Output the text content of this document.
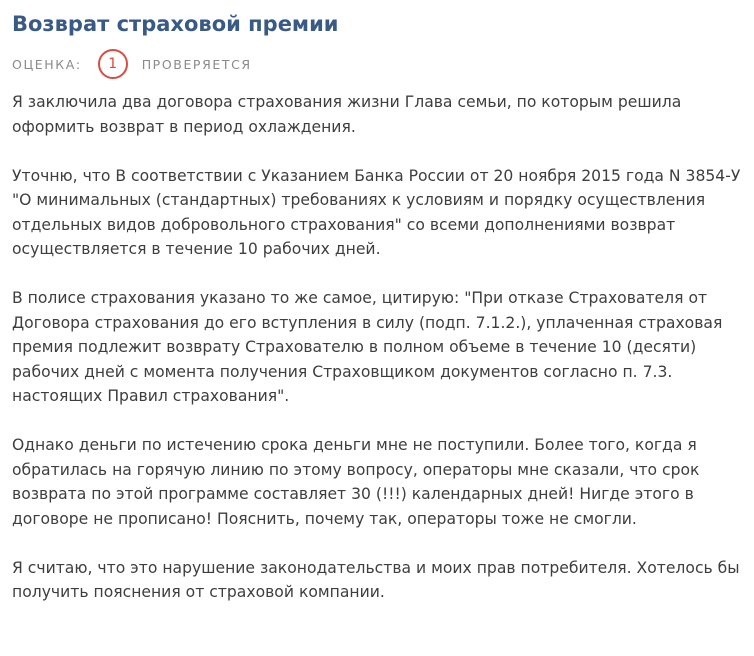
Возврат страховой премии
ОЦЕНКА:	1	ПРОВЕРЯЕТСЯ

Я заключила два договора страхования жизни Глава семьи, по которым решила оформить возврат в период охлаждения.

Уточню, что В соответствии с Указанием Банка России от 20 ноября 2015 года N 3854-У "О минимальных (стандартных) требованиях к условиям и порядку осуществления отдельных видов добровольного страхования" со всеми дополнениями возврат осуществляется в течение 10 рабочих дней.

В полисе страхования указано то же самое, цитирую: "При отказе Страхователя от Договора страхования до его вступления в силу (подп. 7.1.2.), уплаченная страховая премия подлежит возврату Страхователю в полном объеме в течение 10 (десяти) рабочих дней с момента получения Страховщиком документов согласно п. 7.3. настоящих Правил страхования".

Однако деньги по истечению срока деньги мне не поступили. Более того, когда я обратилась на горячую линию по этому вопросу, операторы мне сказали, что срок возврата по этой программе составляет 30 (!!!) календарных дней! Нигде этого в договоре не прописано! Пояснить, почему так, операторы тоже не смогли.

Я считаю, что это нарушение законодательства и моих прав потребителя. Хотелось бы получить пояснения от страховой компании.
